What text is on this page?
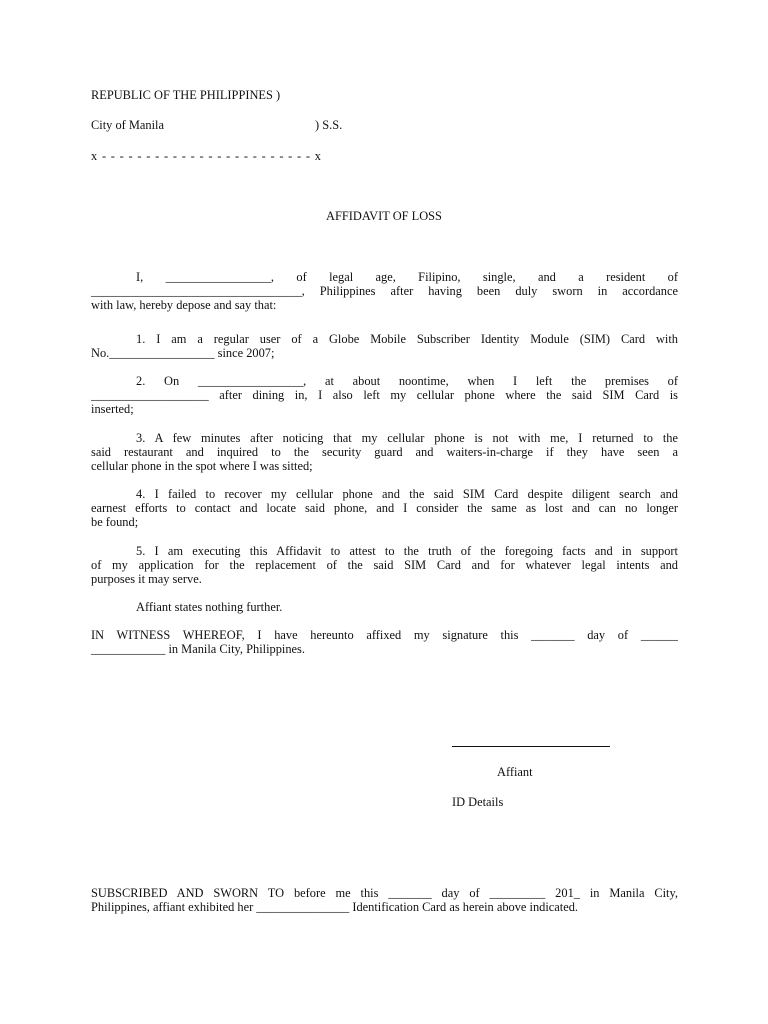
REPUBLIC OF THE PHILIPPINES )
City of Manila	) S.S.
x - - - - - - - - - - - - - - - - - - - - - - - - x
AFFIDAVIT OF LOSS

I, _________________, of legal age, Filipino, single, and a resident of

__________________________________, Philippines after having been duly sworn in accordance

with law, hereby depose and say that:

1. I am a regular user of a Globe Mobile Subscriber Identity Module (SIM) Card with

No._________________ since 2007;

2. On _________________, at about noontime, when I left the premises of

___________________ after dining in, I also left my cellular phone where the said SIM Card is

inserted;

3. A few minutes after noticing that my cellular phone is not with me, I returned to the

said restaurant and inquired to the security guard and waiters-in-charge if they have seen a

cellular phone in the spot where I was sitted;

4. I failed to recover my cellular phone and the said SIM Card despite diligent search and

earnest efforts to contact and locate said phone, and I consider the same as lost and can no longer

be found;

5. I am executing this Affidavit to attest to the truth of the foregoing facts and in support

of my application for the replacement of the said SIM Card and for whatever legal intents and

purposes it may serve.

Affiant states nothing further.

IN WITNESS WHEREOF, I have hereunto affixed my signature this _______ day of ______

____________ in Manila City, Philippines.

Affiant
ID Details

SUBSCRIBED AND SWORN TO before me this _______ day of _________ 201_ in Manila City,

Philippines, affiant exhibited her _______________ Identification Card as herein above indicated.
